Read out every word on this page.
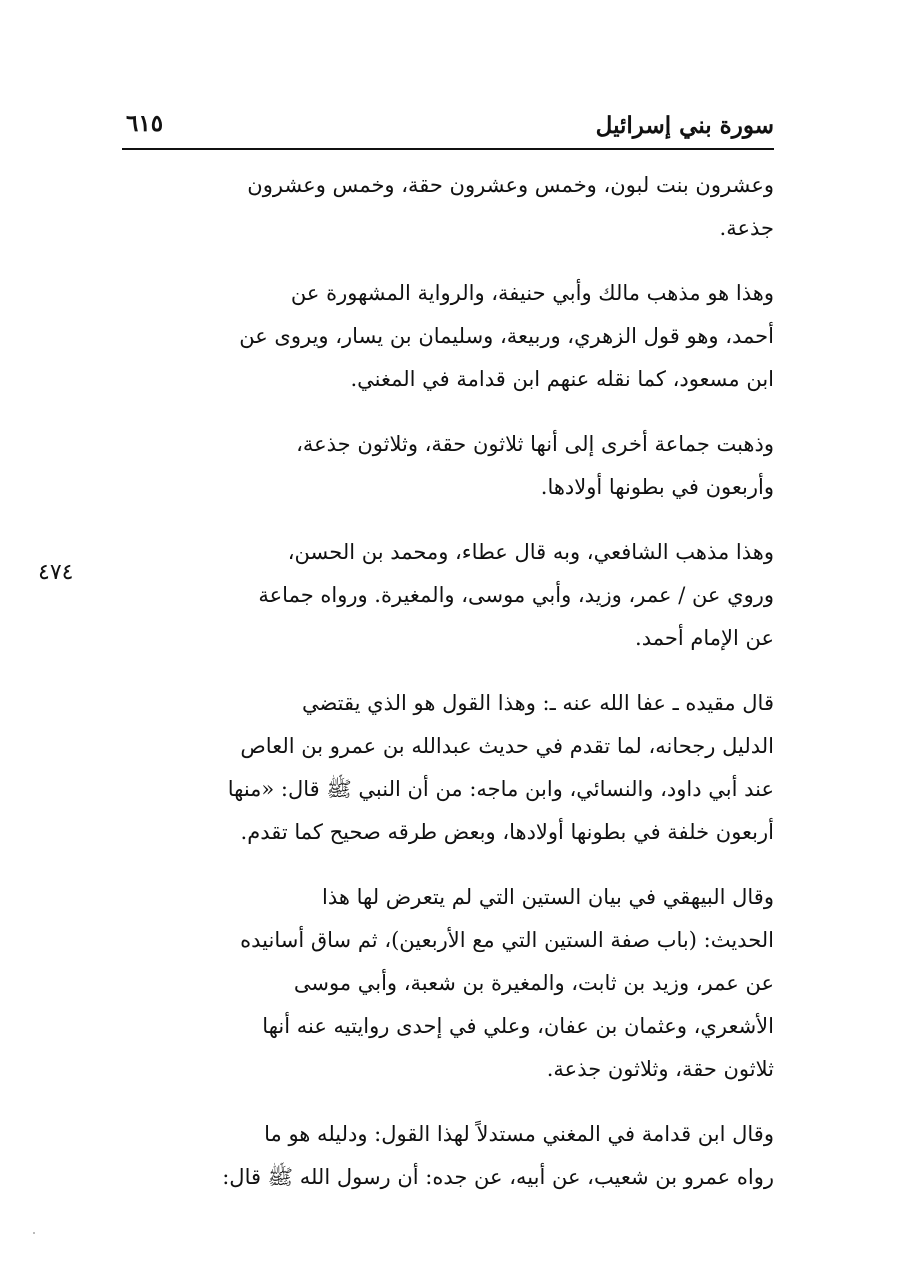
سورة بني إسرائيل
٦١٥
٤٧٤

وعشرون بنت لبون، وخمس وعشرون حقة، وخمس وعشرون
جذعة.

وهذا هو مذهب مالك وأبي حنيفة، والرواية المشهورة عن
أحمد، وهو قول الزهري، وربيعة، وسليمان بن يسار، ويروى عن
ابن مسعود، كما نقله عنهم ابن قدامة في المغني.

وذهبت جماعة أخرى إلى أنها ثلاثون حقة، وثلاثون جذعة،
وأربعون في بطونها أولادها.

وهذا مذهب الشافعي، وبه قال عطاء، ومحمد بن الحسن،
وروي عن / عمر، وزيد، وأبي موسى، والمغيرة. ورواه جماعة
عن الإمام أحمد.

قال مقيده ـ عفا الله عنه ـ: وهذا القول هو الذي يقتضي
الدليل رجحانه، لما تقدم في حديث عبدالله بن عمرو بن العاص
عند أبي داود، والنسائي، وابن ماجه: من أن النبي ﷺ قال: «منها
أربعون خلفة في بطونها أولادها، وبعض طرقه صحيح كما تقدم.

وقال البيهقي في بيان الستين التي لم يتعرض لها هذا
الحديث: (باب صفة الستين التي مع الأربعين)، ثم ساق أسانيده
عن عمر، وزيد بن ثابت، والمغيرة بن شعبة، وأبي موسى
الأشعري، وعثمان بن عفان، وعلي في إحدى روايتيه عنه أنها
ثلاثون حقة، وثلاثون جذعة.

وقال ابن قدامة في المغني مستدلاً لهذا القول: ودليله هو ما
رواه عمرو بن شعيب، عن أبيه، عن جده: أن رسول الله ﷺ قال:
